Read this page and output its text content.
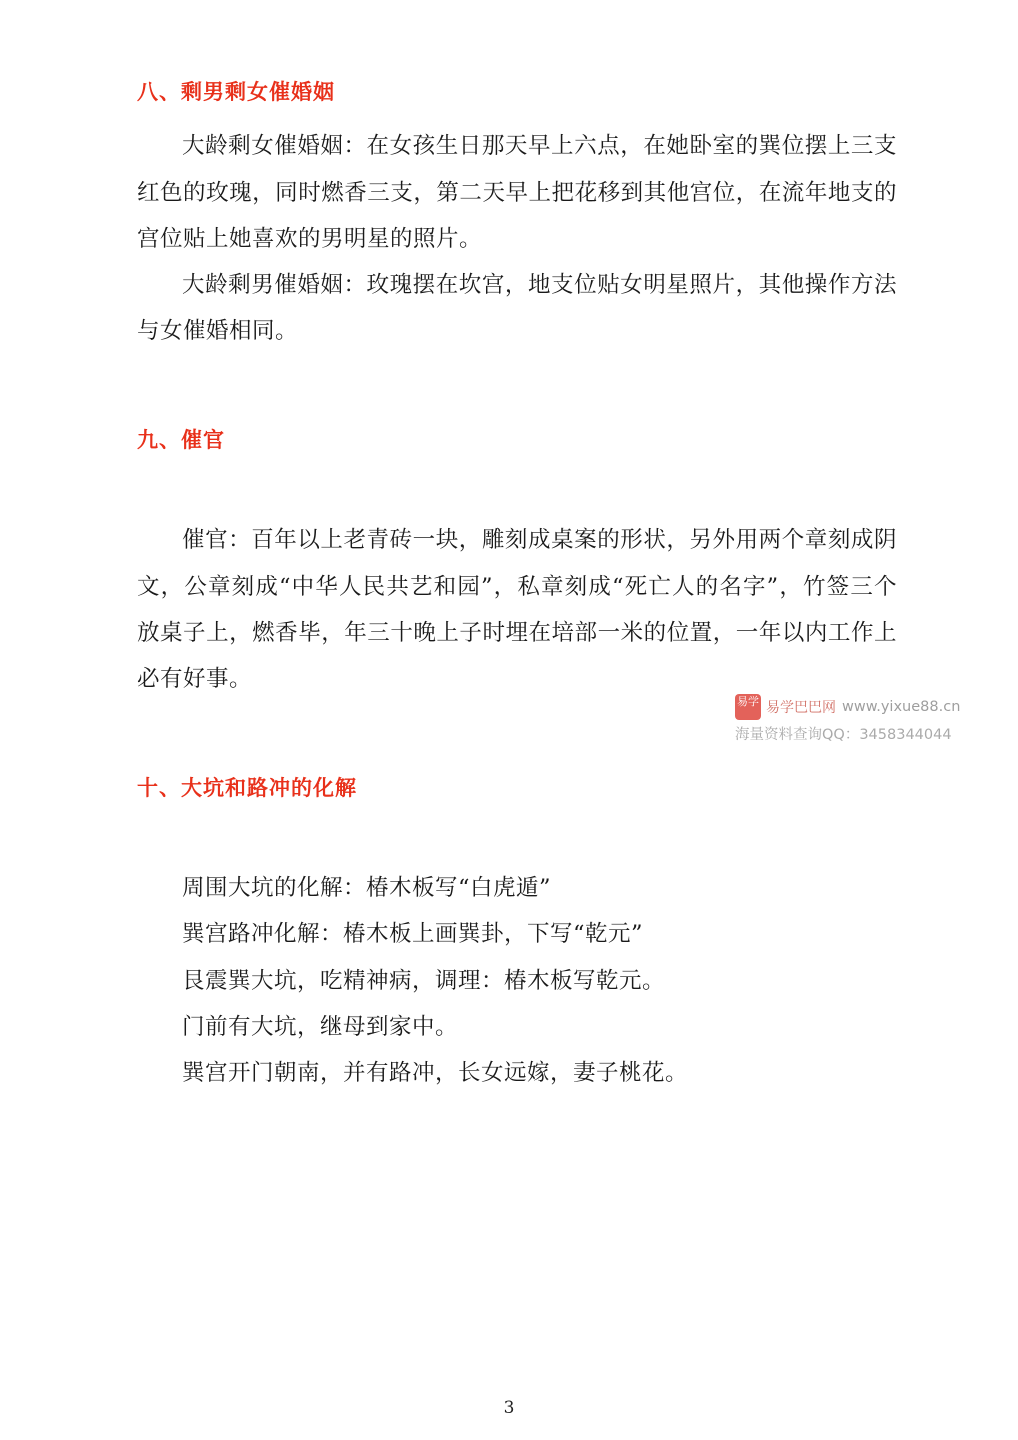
八、剩男剩女催婚姻

大龄剩女催婚姻：在女孩生日那天早上六点，在她卧室的巽位摆上三支红色的玫瑰，同时燃香三支，第二天早上把花移到其他宫位，在流年地支的宫位贴上她喜欢的男明星的照片。

大龄剩男催婚姻：玫瑰摆在坎宫，地支位贴女明星照片，其他操作方法与女催婚相同。

九、催官

催官：百年以上老青砖一块，雕刻成桌案的形状，另外用两个章刻成阴文，公章刻成“中华人民共艺和园”，私章刻成“死亡人的名字”，竹签三个放桌子上，燃香毕，年三十晚上子时埋在培部一米的位置，一年以内工作上必有好事。

十、大坑和路冲的化解

周围大坑的化解：椿木板写“白虎遁”

巽宫路冲化解：椿木板上画巽卦，下写“乾元”

艮震巽大坑，吃精神病，调理：椿木板写乾元。

门前有大坑，继母到家中。

巽宫开门朝南，并有路冲，长女远嫁，妻子桃花。

易学 易学巴巴网 www.yixue88.cn
海量资料查询QQ：3458344044
3
